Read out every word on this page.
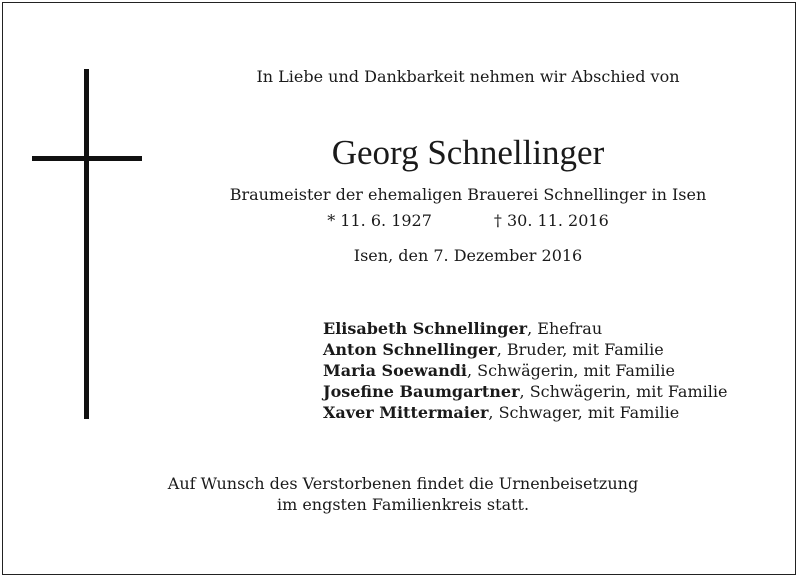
In Liebe und Dankbarkeit nehmen wir Abschied von
Georg Schnellinger
Braumeister der ehemaligen Brauerei Schnellinger in Isen
* 11. 6. 1927	† 30. 11. 2016
Isen, den 7. Dezember 2016
Elisabeth Schnellinger, Ehefrau
Anton Schnellinger, Bruder, mit Familie
Maria Soewandi, Schwägerin, mit Familie
Josefine Baumgartner, Schwägerin, mit Familie
Xaver Mittermaier, Schwager, mit Familie
Auf Wunsch des Verstorbenen findet die Urnenbeisetzung
im engsten Familienkreis statt.
